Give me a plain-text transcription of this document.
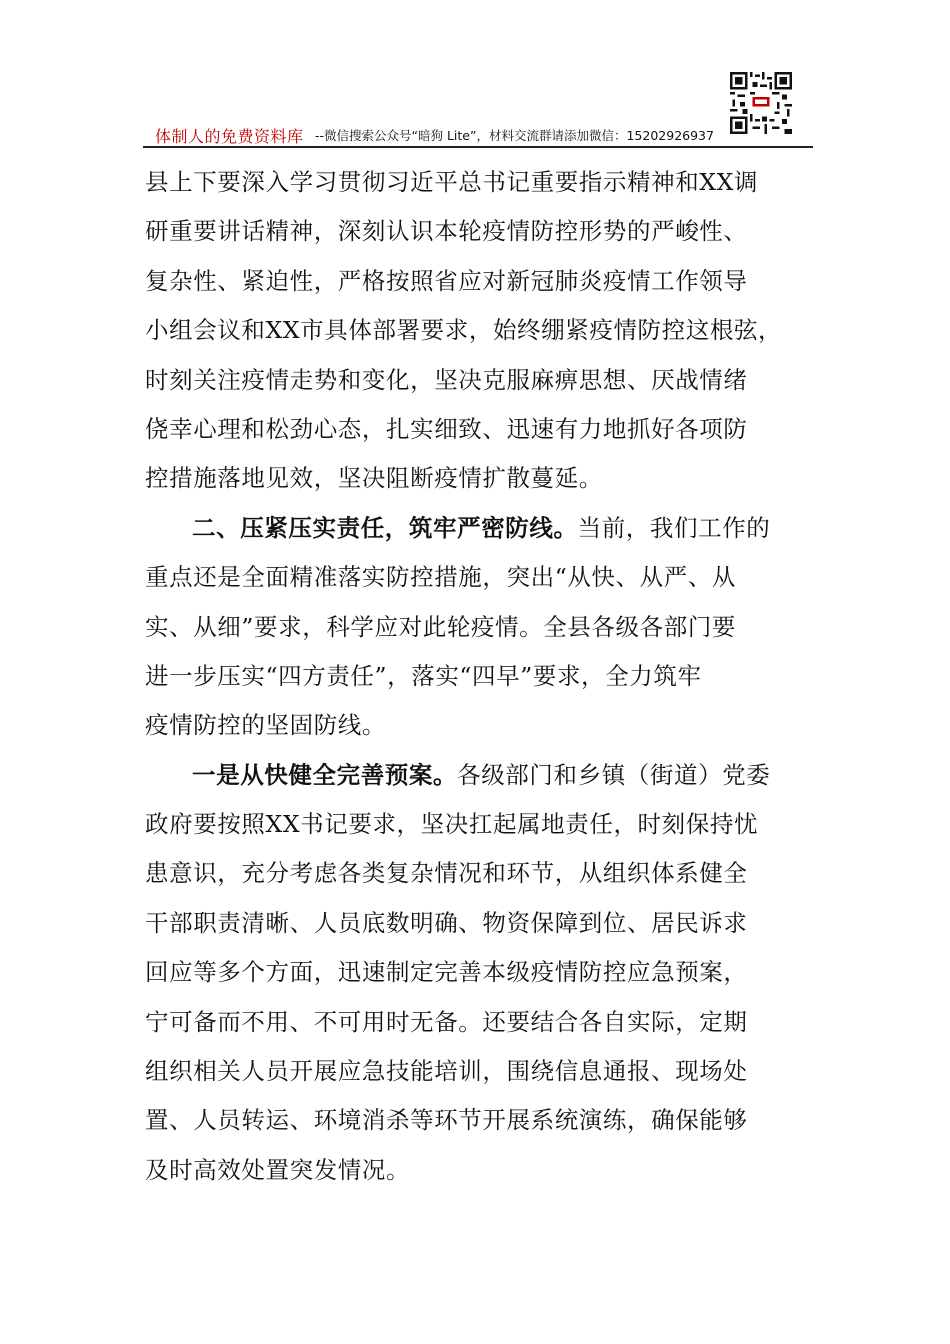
体制人的免费资料库 --微信搜索公众号“暗狗 Lite”，材料交流群请添加微信：15202926937
县上下要深入学习贯彻习近平总书记重要指示精神和XX调
研重要讲话精神，深刻认识本轮疫情防控形势的严峻性、
复杂性、紧迫性，严格按照省应对新冠肺炎疫情工作领导
小组会议和XX市具体部署要求，始终绷紧疫情防控这根弦，
时刻关注疫情走势和变化，坚决克服麻痹思想、厌战情绪
侥幸心理和松劲心态，扎实细致、迅速有力地抓好各项防
控措施落地见效，坚决阻断疫情扩散蔓延。
二、压紧压实责任，筑牢严密防线。当前，我们工作的
重点还是全面精准落实防控措施，突出“从快、从严、从
实、从细”要求，科学应对此轮疫情。全县各级各部门要
进一步压实“四方责任”，落实“四早”要求，全力筑牢
疫情防控的坚固防线。
一是从快健全完善预案。各级部门和乡镇（街道）党委
政府要按照XX书记要求，坚决扛起属地责任，时刻保持忧
患意识，充分考虑各类复杂情况和环节，从组织体系健全
干部职责清晰、人员底数明确、物资保障到位、居民诉求
回应等多个方面，迅速制定完善本级疫情防控应急预案，
宁可备而不用、不可用时无备。还要结合各自实际，定期
组织相关人员开展应急技能培训，围绕信息通报、现场处
置、人员转运、环境消杀等环节开展系统演练，确保能够
及时高效处置突发情况。
